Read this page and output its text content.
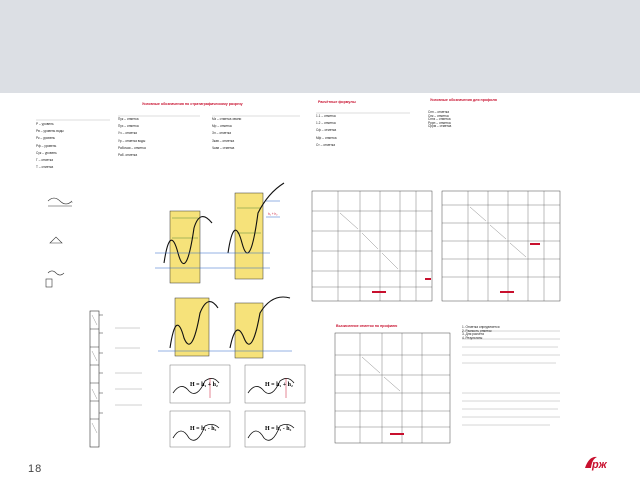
Условные обозначения по стратиграфическому разрезу	Расчётные формулы	Условные обозначения для профиля
Р – уровень

Рв – уровень воды

Рк – уровень

Рф – уровень

Сук – уровень

Г – отметка

Т – отметка
Пук – отметка

Пуз – отметка

Уч – отметка

Ур – отметка воды

Рабочая – отметка

Раб. отметка
Мз – отметка земли

Мр – отметка

Зл – отметка

Зкав – отметка

Чкав – отметка
1.1 – отметка

1.2 – отметка

Сф – отметка

Мф – отметка

Ст – отметка
Спп – отметка
Спк – отметка
Сппз – отметка
Рррп – отметка
Сррм – отметка
—
h₁ + h₂
H = h₁ + h₂	H = h₁ + h₂
H = h₁ - h₂	H = h₁ - h₂
Вычисление отметок по профилю	1. Отметка определяется
2. Разность отметок
3. Для расчёта
4. Результаты
18	рж
